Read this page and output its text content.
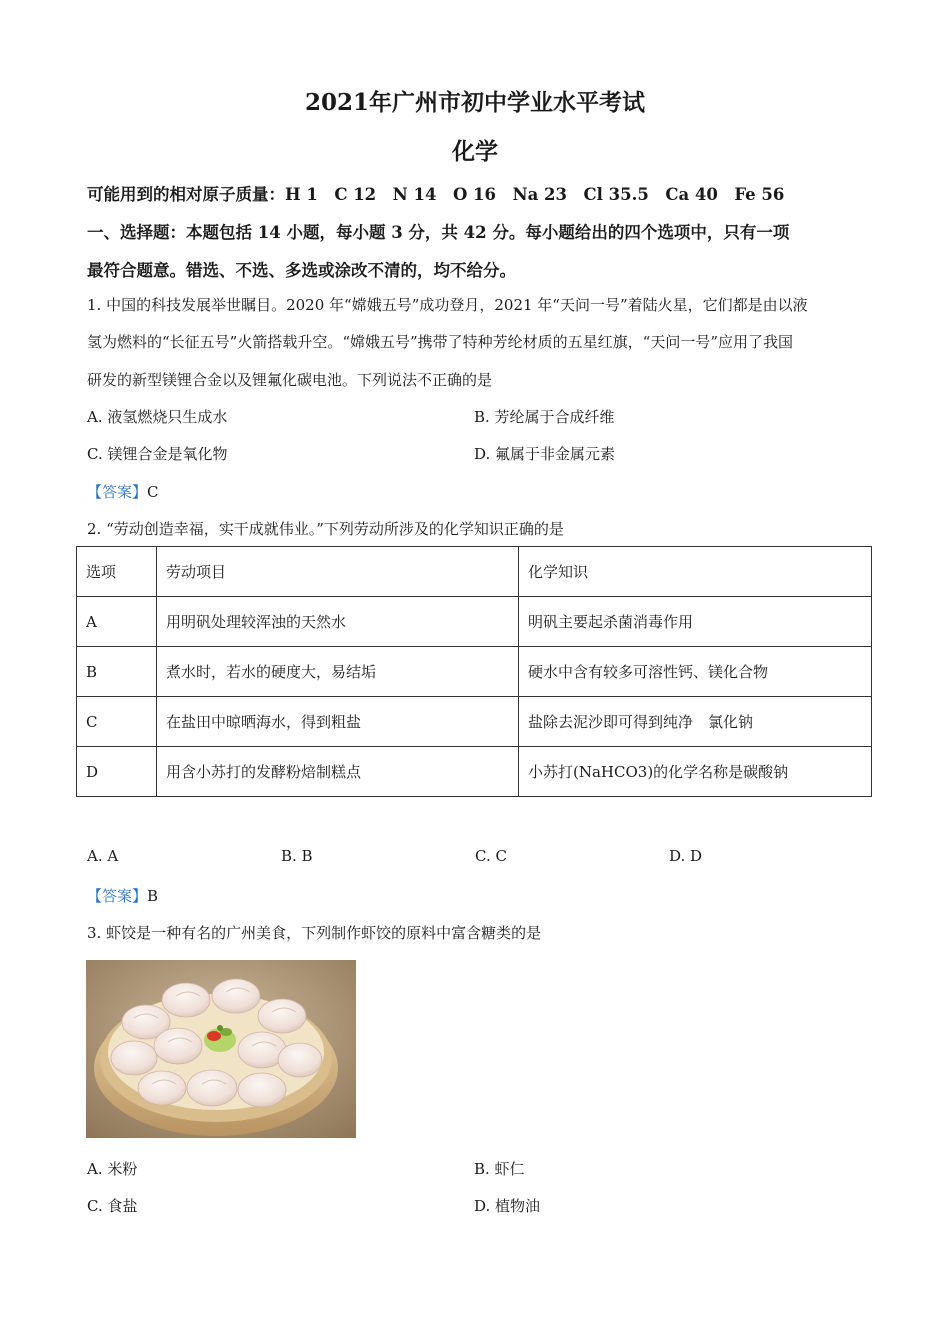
2021年广州市初中学业水平考试
化学
可能用到的相对原子质量：H 1　C 12　N 14　O 16　Na 23　Cl 35.5　Ca 40　Fe 56
一、选择题：本题包括 14 小题，每小题 3 分，共 42 分。每小题给出的四个选项中，只有一项
最符合题意。错选、不选、多选或涂改不清的，均不给分。
1. 中国的科技发展举世瞩目。2020 年“嫦娥五号”成功登月，2021 年“天问一号”着陆火星，它们都是由以液
氢为燃料的“长征五号”火箭搭载升空。“嫦娥五号”携带了特种芳纶材质的五星红旗，“天问一号”应用了我国
研发的新型镁锂合金以及锂氟化碳电池。下列说法不正确的是
A. 液氢燃烧只生成水	B. 芳纶属于合成纤维
C. 镁锂合金是氧化物	D. 氟属于非金属元素
【答案】C
2. “劳动创造幸福，实干成就伟业。”下列劳动所涉及的化学知识正确的是
选项	劳动项目	化学知识
A	用明矾处理较浑浊的天然水	明矾主要起杀菌消毒作用
B	煮水时，若水的硬度大，易结垢	硬水中含有较多可溶性钙、镁化合物
C	在盐田中晾晒海水，得到粗盐	盐除去泥沙即可得到纯净　氯化钠
D	用含小苏打的发酵粉焙制糕点	小苏打(NaHCO3)的化学名称是碳酸钠
A. A	B. B	C. C	D. D
【答案】B
3. 虾饺是一种有名的广州美食，下列制作虾饺的原料中富含糖类的是
A. 米粉	B. 虾仁
C. 食盐	D. 植物油
